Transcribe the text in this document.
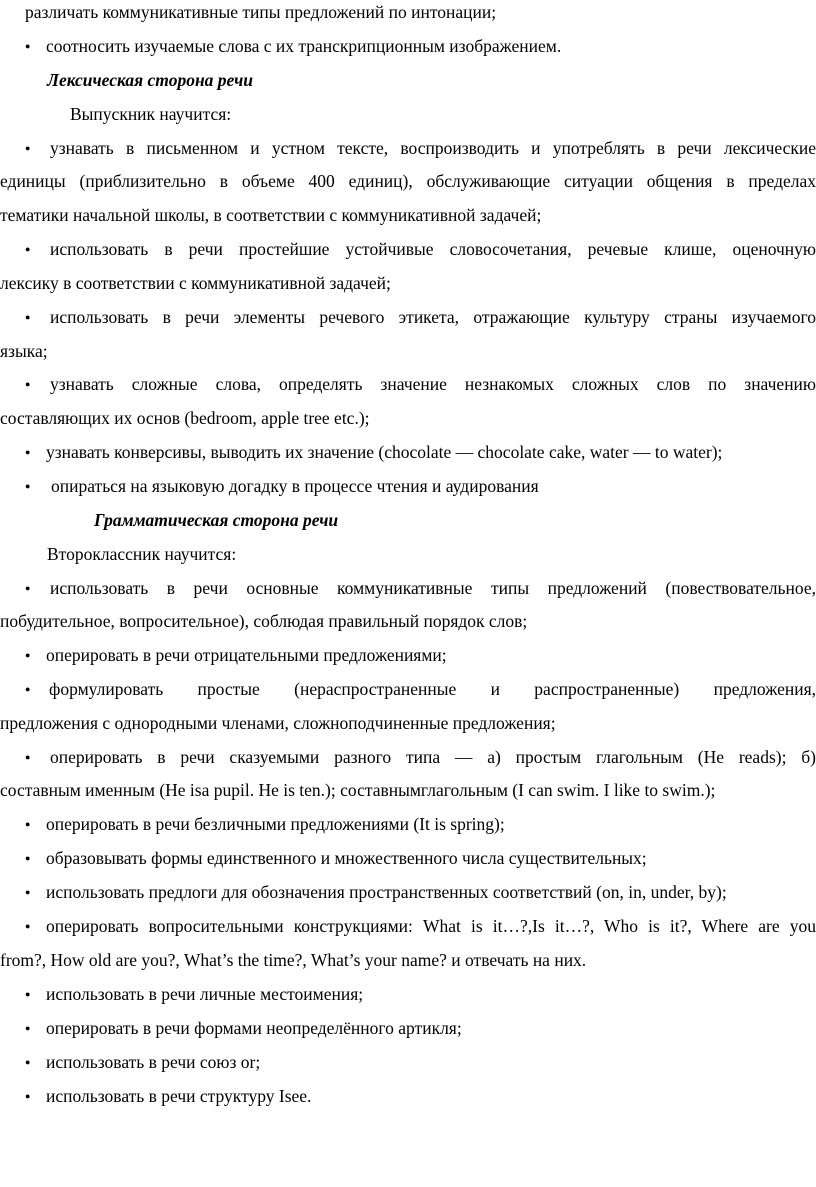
различать коммуникативные типы предложений по интонации;
● соотносить изучаемые слова с их транскрипционным изображением.
Лексическая сторона речи
Выпускник научится:
● узнавать в письменном и устном тексте, воспроизводить и употреблять в речи лексические
единицы (приблизительно в объеме 400 единиц), обслуживающие ситуации общения в пределах
тематики начальной школы, в соответствии с коммуникативной задачей;
● использовать в речи простейшие устойчивые словосочетания, речевые клише, оценочную
лексику в соответствии с коммуникативной задачей;
● использовать в речи элементы речевого этикета, отражающие культуру страны изучаемого
языка;
● узнавать сложные слова, определять значение незнакомых сложных слов по значению
составляющих их основ (bedroom, apple tree etc.);
● узнавать конверсивы, выводить их значение (chocolate — chocolate cake, water — to water);
● опираться на языковую догадку в процессе чтения и аудирования
Грамматическая сторона речи
Второклассник научится:
● использовать в речи основные коммуникативные типы предложений (повествовательное,
побудительное, вопросительное), соблюдая правильный порядок слов;
● оперировать в речи отрицательными предложениями;
● формулировать простые (нераспространенные и распространенные) предложения,
предложения с однородными членами, сложноподчиненные предложения;
● оперировать в речи сказуемыми разного типа — а) простым глагольным (He reads); б)
составным именным (He isa pupil. He is ten.); составнымглагольным (I can swim. I like to swim.);
● оперировать в речи безличными предложениями (It is spring);
● образовывать формы единственного и множественного числа существительных;
● использовать предлоги для обозначения пространственных соответствий (on, in, under, by);
● оперировать вопросительными конструкциями: What is it…?,Is it…?, Who is it?, Where are you
from?, How old are you?, What’s the time?, What’s your name? и отвечать на них.
● использовать в речи личные местоимения;
● оперировать в речи формами неопределённого артикля;
● использовать в речи союз or;
● использовать в речи структуру Isee.
